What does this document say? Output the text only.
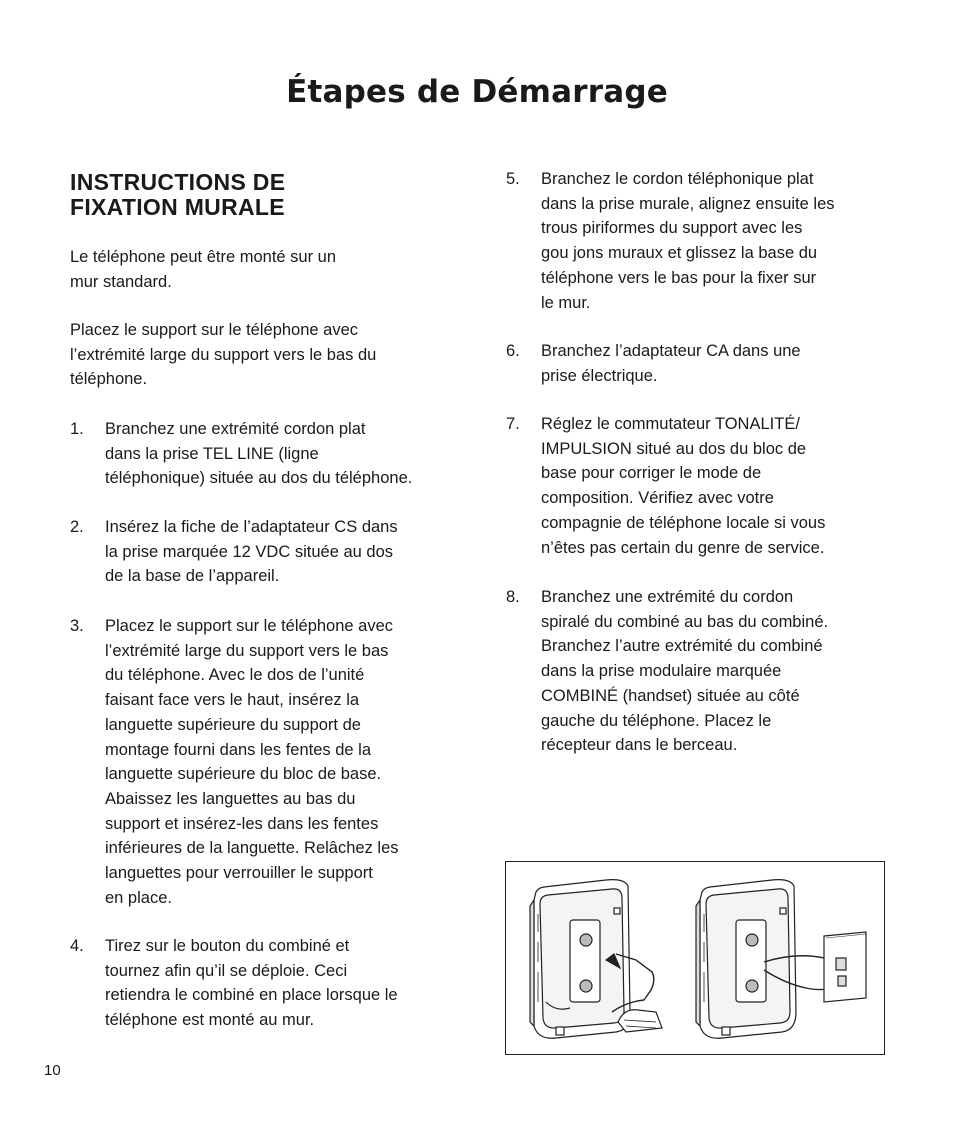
Étapes de Démarrage
INSTRUCTIONS DE
FIXATION MURALE
Le téléphone peut être monté sur un
mur standard.
Placez le support sur le téléphone avec
l’extrémité large du support vers le bas du
téléphone.
1. Branchez une extrémité cordon plat
dans la prise TEL LINE (ligne
téléphonique) située au dos du téléphone.
2. Insérez la fiche de l’adaptateur CS dans
la prise marquée 12 VDC située au dos
de la base de l’appareil.
3. Placez le support sur le téléphone avec
l’extrémité large du support vers le bas
du téléphone. Avec le dos de l’unité
faisant face vers le haut, insérez la
languette supérieure du support de
montage fourni dans les fentes de la
languette supérieure du bloc de base.
Abaissez les languettes au bas du
support et insérez-les dans les fentes
inférieures de la languette. Relâchez les
languettes pour verrouiller le support
en place.
4. Tirez sur le bouton du combiné et
tournez afin qu’il se déploie. Ceci
retiendra le combiné en place lorsque le
téléphone est monté au mur.
5. Branchez le cordon téléphonique plat
dans la prise murale, alignez ensuite les
trous piriformes du support avec les
gou jons muraux et glissez la base du
téléphone vers le bas pour la fixer sur
le mur.
6. Branchez l’adaptateur CA dans une
prise électrique.
7. Réglez le commutateur TONALITÉ/
IMPULSION situé au dos du bloc de
base pour corriger le mode de
composition. Vérifiez avec votre
compagnie de téléphone locale si vous
n’êtes pas certain du genre de service.
8. Branchez une extrémité du cordon
spiralé du combiné au bas du combiné.
Branchez l’autre extrémité du combiné
dans la prise modulaire marquée
COMBINÉ (handset) située au côté
gauche du téléphone. Placez le
récepteur dans le berceau.
10
